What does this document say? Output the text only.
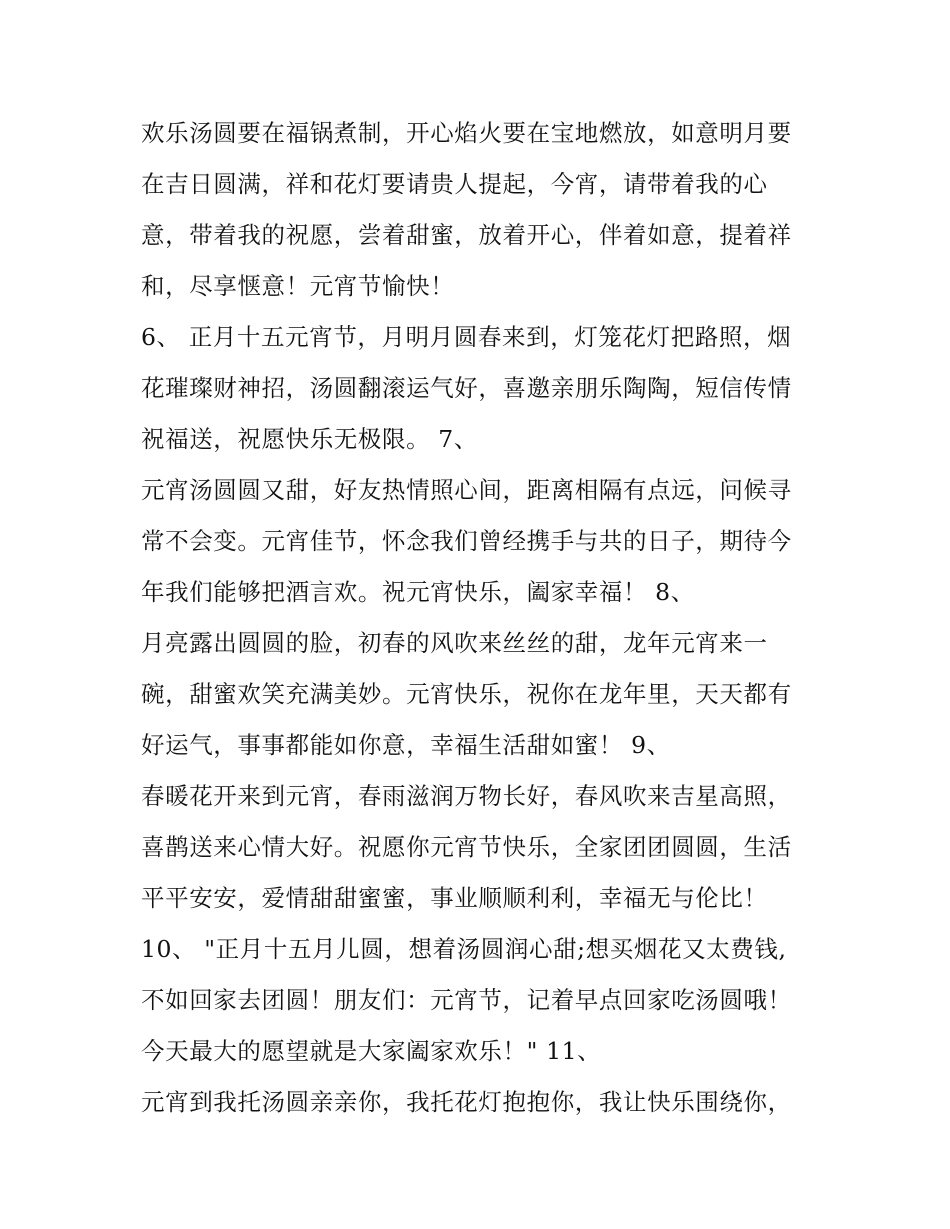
欢乐汤圆要在福锅煮制，开心焰火要在宝地燃放，如意明月要
在吉日圆满，祥和花灯要请贵人提起，今宵，请带着我的心
意，带着我的祝愿，尝着甜蜜，放着开心，伴着如意，提着祥
和，尽享惬意！元宵节愉快！
6、 正月十五元宵节，月明月圆春来到，灯笼花灯把路照，烟
花璀璨财神招，汤圆翻滚运气好，喜邀亲朋乐陶陶，短信传情
祝福送，祝愿快乐无极限。 7、
元宵汤圆圆又甜，好友热情照心间，距离相隔有点远，问候寻
常不会变。元宵佳节，怀念我们曾经携手与共的日子，期待今
年我们能够把酒言欢。祝元宵快乐，阖家幸福！ 8、
月亮露出圆圆的脸，初春的风吹来丝丝的甜，龙年元宵来一
碗，甜蜜欢笑充满美妙。元宵快乐，祝你在龙年里，天天都有
好运气，事事都能如你意，幸福生活甜如蜜！ 9、
春暖花开来到元宵，春雨滋润万物长好，春风吹来吉星高照，
喜鹊送来心情大好。祝愿你元宵节快乐，全家团团圆圆，生活
平平安安，爱情甜甜蜜蜜，事业顺顺利利，幸福无与伦比！
10、 "正月十五月儿圆，想着汤圆润心甜;想买烟花又太费钱,
不如回家去团圆！朋友们：元宵节，记着早点回家吃汤圆哦！
今天最大的愿望就是大家阖家欢乐！" 11、
元宵到我托汤圆亲亲你，我托花灯抱抱你，我让快乐围绕你，
